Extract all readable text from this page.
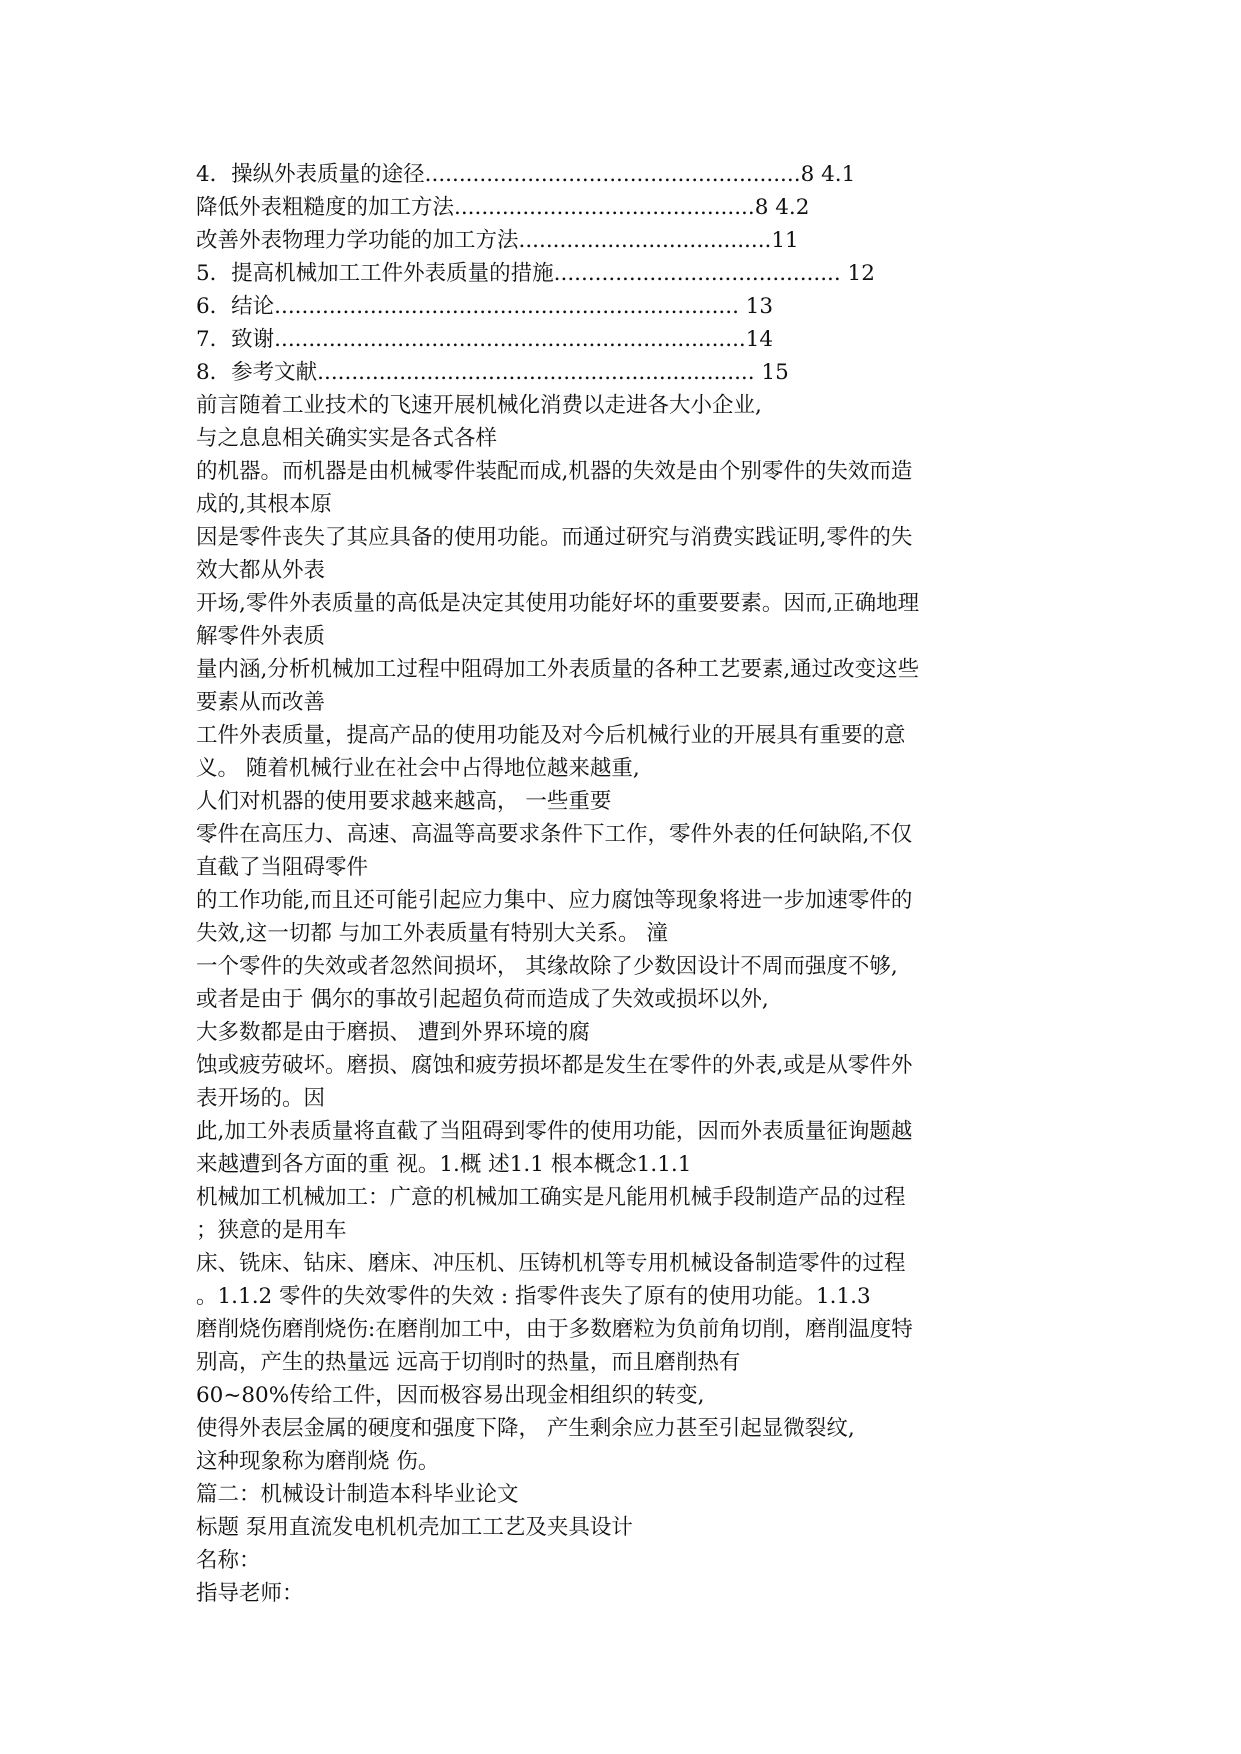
4．操纵外表质量的途径.......................................................8 4.1
降低外表粗糙度的加工方法............................................8 4.2
改善外表物理力学功能的加工方法.....................................11
5．提高机械加工工件外表质量的措施.......................................... 12
6．结论.................................................................... 13
7．致谢.....................................................................14
8．参考文献................................................................ 15
前言随着工业技术的飞速开展机械化消费以走进各大小企业,
与之息息相关确实实是各式各样
的机器。而机器是由机械零件装配而成,机器的失效是由个别零件的失效而造
成的,其根本原
因是零件丧失了其应具备的使用功能。而通过研究与消费实践证明,零件的失
效大都从外表
开场,零件外表质量的高低是决定其使用功能好坏的重要要素。因而,正确地理
解零件外表质
量内涵,分析机械加工过程中阻碍加工外表质量的各种工艺要素,通过改变这些
要素从而改善
工件外表质量，提高产品的使用功能及对今后机械行业的开展具有重要的意
义。 随着机械行业在社会中占得地位越来越重,
人们对机器的使用要求越来越高， 一些重要
零件在高压力、高速、高温等高要求条件下工作，零件外表的任何缺陷,不仅
直截了当阻碍零件
的工作功能,而且还可能引起应力集中、应力腐蚀等现象将进一步加速零件的
失效,这一切都 与加工外表质量有特别大关系。 潼
一个零件的失效或者忽然间损坏， 其缘故除了少数因设计不周而强度不够,
或者是由于 偶尔的事故引起超负荷而造成了失效或损坏以外,
大多数都是由于磨损、 遭到外界环境的腐
蚀或疲劳破坏。磨损、腐蚀和疲劳损坏都是发生在零件的外表,或是从零件外
表开场的。因
此,加工外表质量将直截了当阻碍到零件的使用功能，因而外表质量征询题越
来越遭到各方面的重 视。1.概 述1.1 根本概念1.1.1
机械加工机械加工：广意的机械加工确实是凡能用机械手段制造产品的过程
；狭意的是用车
床、铣床、钻床、磨床、冲压机、压铸机机等专用机械设备制造零件的过程
。1.1.2 零件的失效零件的失效 : 指零件丧失了原有的使用功能。1.1.3
磨削烧伤磨削烧伤:在磨削加工中，由于多数磨粒为负前角切削，磨削温度特
别高，产生的热量远 远高于切削时的热量，而且磨削热有
60~80%传给工件，因而极容易出现金相组织的转变,
使得外表层金属的硬度和强度下降， 产生剩余应力甚至引起显微裂纹,
这种现象称为磨削烧 伤。
篇二：机械设计制造本科毕业论文
标题 泵用直流发电机机壳加工工艺及夹具设计
名称：
指导老师：
